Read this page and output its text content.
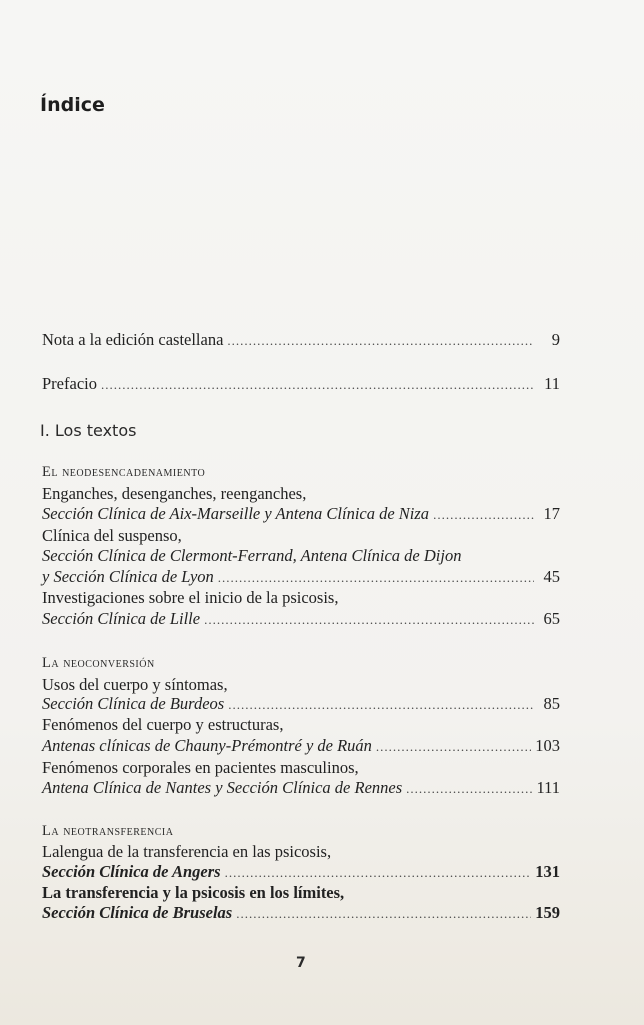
Índice
Nota a la edición castellana .....	9
Prefacio .....	11
I. Los textos
El neodesencadenamiento
Enganches, desenganches, reenganches,
Sección Clínica de Aix-Marseille y Antena Clínica de Niza .....	17
Clínica del suspenso,
Sección Clínica de Clermont-Ferrand, Antena Clínica de Dijon
y Sección Clínica de Lyon .....	45
Investigaciones sobre el inicio de la psicosis,
Sección Clínica de Lille .....	65
La neoconversión
Usos del cuerpo y síntomas,
Sección Clínica de Burdeos .....	85
Fenómenos del cuerpo y estructuras,
Antenas clínicas de Chauny-Prémontré y de Ruán .....	103
Fenómenos corporales en pacientes masculinos,
Antena Clínica de Nantes y Sección Clínica de Rennes .....	111
La neotransferencia
Lalengua de la transferencia en las psicosis,
Sección Clínica de Angers .....	131
La transferencia y la psicosis en los límites,
Sección Clínica de Bruselas .....	159
7
